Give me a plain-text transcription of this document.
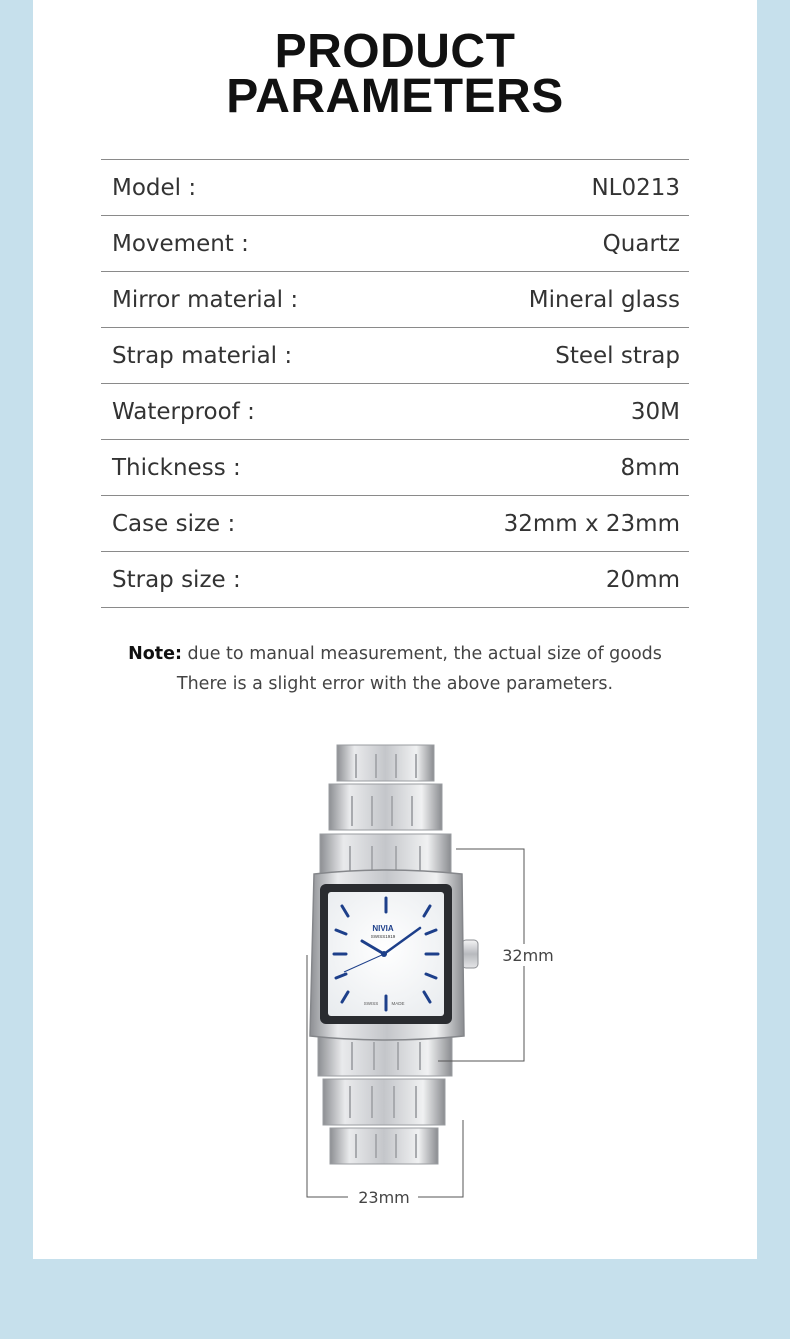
PRODUCT
PARAMETERS
Model :	NL0213
Movement :	Quartz
Mirror material :	Mineral glass
Strap material :	Steel strap
Waterproof :	30M
Thickness :	8mm
Case size :	32mm x 23mm
Strap size :	20mm
Note: due to manual measurement, the actual size of goods
There is a slight error with the above parameters.
NIVIA
SWISS1919
SWISS	MADE
32mm
23mm
